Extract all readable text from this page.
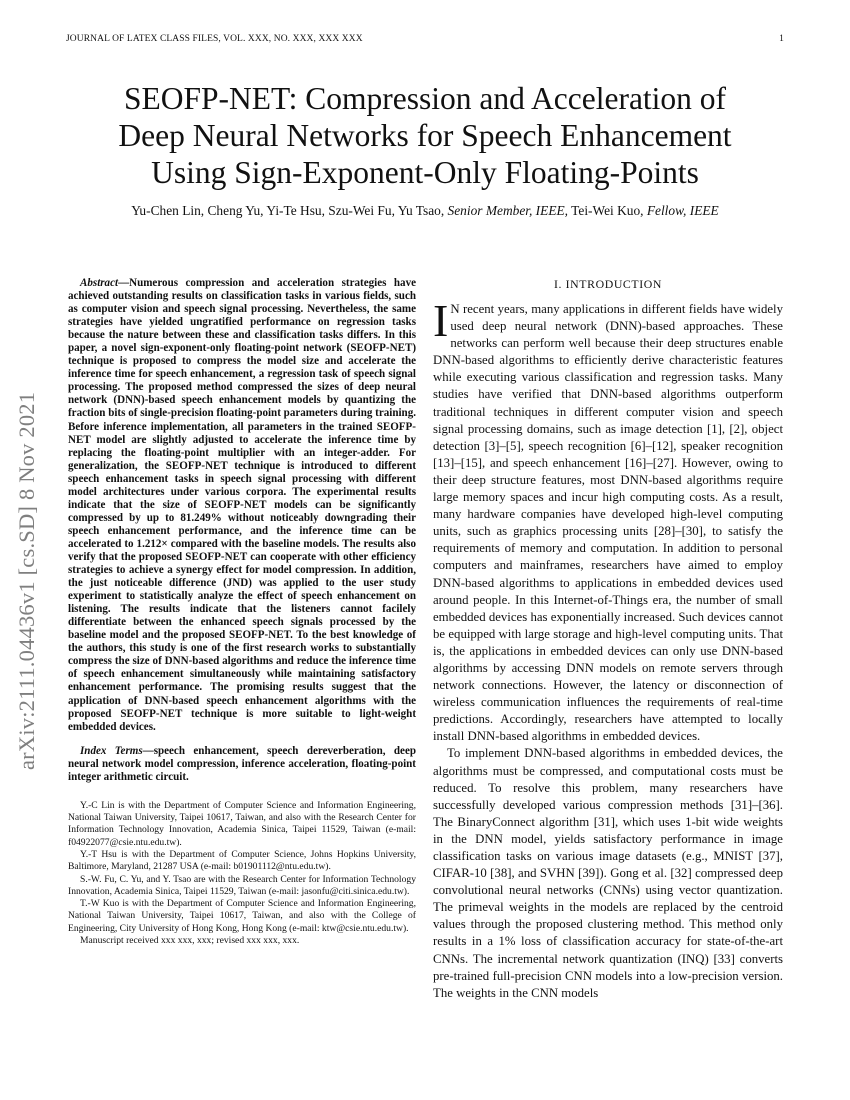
JOURNAL OF LATEX CLASS FILES, VOL. XXX, NO. XXX, XXX XXX	1
arXiv:2111.04436v1 [cs.SD] 8 Nov 2021
SEOFP-NET: Compression and Acceleration of
Deep Neural Networks for Speech Enhancement
Using Sign-Exponent-Only Floating-Points
Yu-Chen Lin, Cheng Yu, Yi-Te Hsu, Szu-Wei Fu, Yu Tsao, Senior Member, IEEE, Tei-Wei Kuo, Fellow, IEEE
Abstract—Numerous compression and acceleration strategies have achieved outstanding results on classification tasks in various fields, such as computer vision and speech signal processing. Nevertheless, the same strategies have yielded ungratified performance on regression tasks because the nature between these and classification tasks differs. In this paper, a novel sign-exponent-only floating-point network (SEOFP-NET) technique is proposed to compress the model size and accelerate the inference time for speech enhancement, a regression task of speech signal processing. The proposed method compressed the sizes of deep neural network (DNN)-based speech enhancement models by quantizing the fraction bits of single-precision floating-point parameters during training. Before inference implementation, all parameters in the trained SEOFP-NET model are slightly adjusted to accelerate the inference time by replacing the floating-point multiplier with an integer-adder. For generalization, the SEOFP-NET technique is introduced to different speech enhancement tasks in speech signal processing with different model architectures under various corpora. The experimental results indicate that the size of SEOFP-NET models can be significantly compressed by up to 81.249% without noticeably downgrading their speech enhancement performance, and the inference time can be accelerated to 1.212× compared with the baseline models. The results also verify that the proposed SEOFP-NET can cooperate with other efficiency strategies to achieve a synergy effect for model compression. In addition, the just noticeable difference (JND) was applied to the user study experiment to statistically analyze the effect of speech enhancement on listening. The results indicate that the listeners cannot facilely differentiate between the enhanced speech signals processed by the baseline model and the proposed SEOFP-NET. To the best knowledge of the authors, this study is one of the first research works to substantially compress the size of DNN-based algorithms and reduce the inference time of speech enhancement simultaneously while maintaining satisfactory enhancement performance. The promising results suggest that the application of DNN-based speech enhancement algorithms with the proposed SEOFP-NET technique is more suitable to light-weight embedded devices.
Index Terms—speech enhancement, speech dereverberation, deep neural network model compression, inference acceleration, floating-point integer arithmetic circuit.

Y.-C Lin is with the Department of Computer Science and Information Engineering, National Taiwan University, Taipei 10617, Taiwan, and also with the Research Center for Information Technology Innovation, Academia Sinica, Taipei 11529, Taiwan (e-mail: f04922077@csie.ntu.edu.tw).

Y.-T Hsu is with the Department of Computer Science, Johns Hopkins University, Baltimore, Maryland, 21287 USA (e-mail: b01901112@ntu.edu.tw).

S.-W. Fu, C. Yu, and Y. Tsao are with the Research Center for Information Technology Innovation, Academia Sinica, Taipei 11529, Taiwan (e-mail: jasonfu@citi.sinica.edu.tw).

T.-W Kuo is with the Department of Computer Science and Information Engineering, National Taiwan University, Taipei 10617, Taiwan, and also with the College of Engineering, City University of Hong Kong, Hong Kong (e-mail: ktw@csie.ntu.edu.tw).

Manuscript received xxx xxx, xxx; revised xxx xxx, xxx.

I. INTRODUCTION

I N recent years, many applications in different fields have widely used deep neural network (DNN)-based approaches. These networks can perform well because their deep structures enable DNN-based algorithms to efficiently derive characteristic features while executing various classification and regression tasks. Many studies have verified that DNN-based algorithms outperform traditional techniques in different computer vision and speech signal processing domains, such as image detection [1], [2], object detection [3]–[5], speech recognition [6]–[12], speaker recognition [13]–[15], and speech enhancement [16]–[27]. However, owing to their deep structure features, most DNN-based algorithms require large memory spaces and incur high computing costs. As a result, many hardware companies have developed high-level computing units, such as graphics processing units [28]–[30], to satisfy the requirements of memory and computation. In addition to personal computers and mainframes, researchers have aimed to employ DNN-based algorithms to applications in embedded devices used around people. In this Internet-of-Things era, the number of small embedded devices has exponentially increased. Such devices cannot be equipped with large storage and high-level computing units. That is, the applications in embedded devices can only use DNN-based algorithms by accessing DNN models on remote servers through network connections. However, the latency or disconnection of wireless communication influences the requirements of real-time predictions. Accordingly, researchers have attempted to locally install DNN-based algorithms in embedded devices.

To implement DNN-based algorithms in embedded devices, the algorithms must be compressed, and computational costs must be reduced. To resolve this problem, many researchers have successfully developed various compression methods [31]–[36]. The BinaryConnect algorithm [31], which uses 1-bit wide weights in the DNN model, yields satisfactory performance in image classification tasks on various image datasets (e.g., MNIST [37], CIFAR-10 [38], and SVHN [39]). Gong et al. [32] compressed deep convolutional neural networks (CNNs) using vector quantization. The primeval weights in the models are replaced by the centroid values through the proposed clustering method. This method only results in a 1% loss of classification accuracy for state-of-the-art CNNs. The incremental network quantization (INQ) [33] converts pre-trained full-precision CNN models into a low-precision version. The weights in the CNN models
